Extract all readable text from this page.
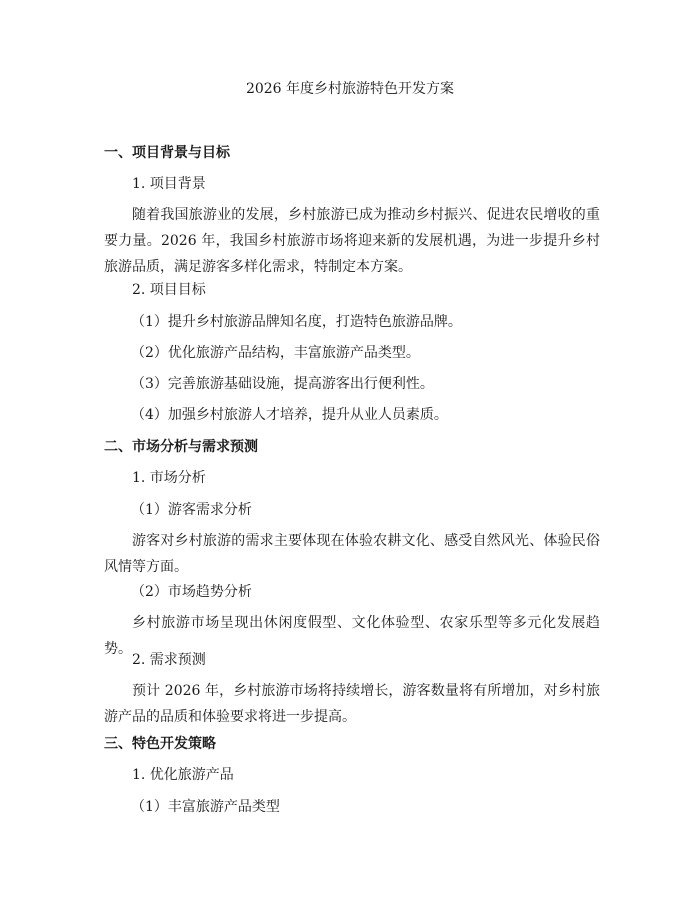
2026 年度乡村旅游特色开发方案
一、项目背景与目标
1. 项目背景
随着我国旅游业的发展，乡村旅游已成为推动乡村振兴、促进农民增收的重要力量。2026 年，我国乡村旅游市场将迎来新的发展机遇，为进一步提升乡村旅游品质，满足游客多样化需求，特制定本方案。
2. 项目目标
（1）提升乡村旅游品牌知名度，打造特色旅游品牌。
（2）优化旅游产品结构，丰富旅游产品类型。
（3）完善旅游基础设施，提高游客出行便利性。
（4）加强乡村旅游人才培养，提升从业人员素质。
二、市场分析与需求预测
1. 市场分析
（1）游客需求分析
游客对乡村旅游的需求主要体现在体验农耕文化、感受自然风光、体验民俗风情等方面。
（2）市场趋势分析
乡村旅游市场呈现出休闲度假型、文化体验型、农家乐型等多元化发展趋势。
2. 需求预测
预计 2026 年，乡村旅游市场将持续增长，游客数量将有所增加，对乡村旅游产品的品质和体验要求将进一步提高。
三、特色开发策略
1. 优化旅游产品
（1）丰富旅游产品类型
